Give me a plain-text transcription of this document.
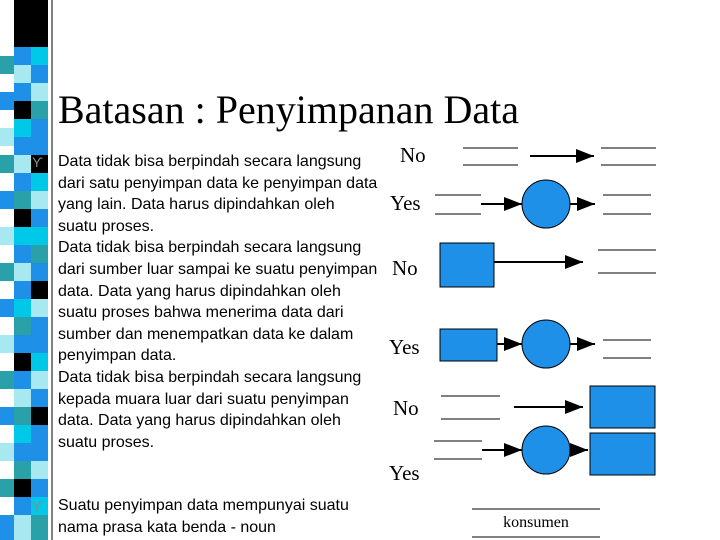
Batasan : Penyimpanan Data
ϒ Data tidak bisa berpindah secara langsung dari satu penyimpan data ke penyimpan data yang lain. Data harus dipindahkan oleh suatu proses.
Data tidak bisa berpindah secara langsung dari sumber luar sampai ke suatu penyimpan data. Data yang harus dipindahkan oleh suatu proses bahwa menerima data dari sumber dan menempatkan data ke dalam penyimpan data.
Data tidak bisa berpindah secara langsung kepada muara luar dari suatu penyimpan data. Data yang harus dipindahkan oleh suatu proses.
ϒ Suatu penyimpan data mempunyai suatu nama prasa kata benda - noun
No
Yes
No
Yes
No
Yes
konsumen
